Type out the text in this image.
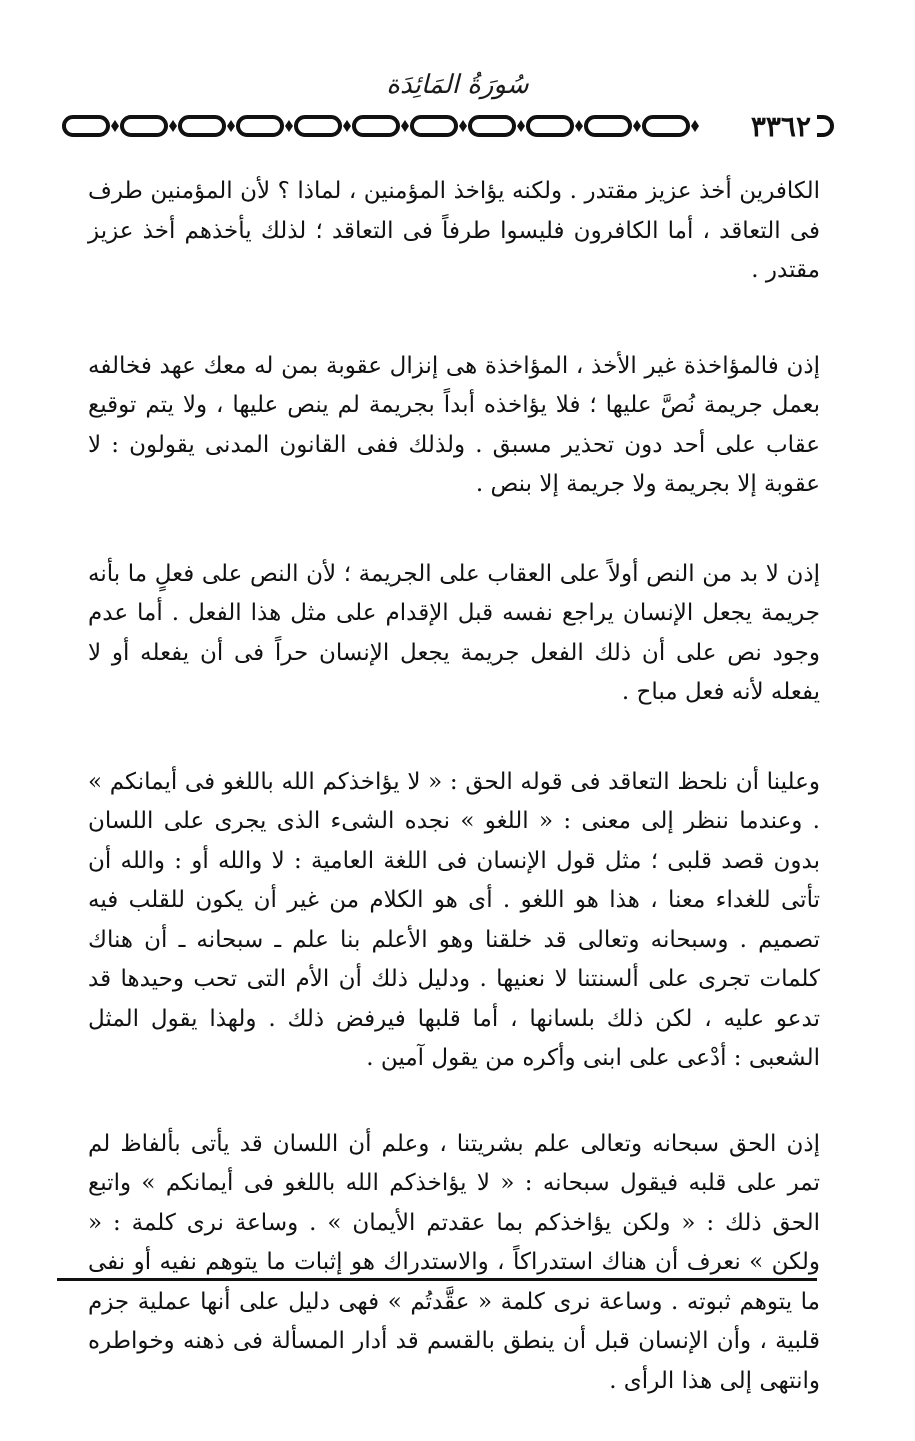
سُورَةُ المَائِدَة
٣٣٦٢

الكافرين أخذ عزيز مقتدر . ولكنه يؤاخذ المؤمنين ، لماذا ؟ لأن المؤمنين طرف فى التعاقد ، أما الكافرون فليسوا طرفاً فى التعاقد ؛ لذلك يأخذهم أخذ عزيز مقتدر .

إذن فالمؤاخذة غير الأخذ ، المؤاخذة هى إنزال عقوبة بمن له معك عهد فخالفه بعمل جريمة نُصَّ عليها ؛ فلا يؤاخذه أبداً بجريمة لم ينص عليها ، ولا يتم توقيع عقاب على أحد دون تحذير مسبق . ولذلك ففى القانون المدنى يقولون : لا عقوبة إلا بجريمة ولا جريمة إلا بنص .

إذن لا بد من النص أولاً على العقاب على الجريمة ؛ لأن النص على فعلٍ ما بأنه جريمة يجعل الإنسان يراجع نفسه قبل الإقدام على مثل هذا الفعل . أما عدم وجود نص على أن ذلك الفعل جريمة يجعل الإنسان حراً فى أن يفعله أو لا يفعله لأنه فعل مباح .

وعلينا أن نلحظ التعاقد فى قوله الحق : « لا يؤاخذكم الله باللغو فى أيمانكم » . وعندما ننظر إلى معنى : « اللغو » نجده الشىء الذى يجرى على اللسان بدون قصد قلبى ؛ مثل قول الإنسان فى اللغة العامية : لا والله أو : والله أن تأتى للغداء معنا ، هذا هو اللغو . أى هو الكلام من غير أن يكون للقلب فيه تصميم . وسبحانه وتعالى قد خلقنا وهو الأعلم بنا علم ـ سبحانه ـ أن هناك كلمات تجرى على ألسنتنا لا نعنيها . ودليل ذلك أن الأم التى تحب وحيدها قد تدعو عليه ، لكن ذلك بلسانها ، أما قلبها فيرفض ذلك . ولهذا يقول المثل الشعبى : أدْعى على ابنى وأكره من يقول آمين .

إذن الحق سبحانه وتعالى علم بشريتنا ، وعلم أن اللسان قد يأتى بألفاظ لم تمر على قلبه فيقول سبحانه : « لا يؤاخذكم الله باللغو فى أيمانكم » واتبع الحق ذلك : « ولكن يؤاخذكم بما عقدتم الأيمان » . وساعة نرى كلمة : « ولكن » نعرف أن هناك استدراكاً ، والاستدراك هو إثبات ما يتوهم نفيه أو نفى ما يتوهم ثبوته . وساعة نرى كلمة « عقَّدتُم » فهى دليل على أنها عملية جزم قلبية ، وأن الإنسان قبل أن ينطق بالقسم قد أدار المسألة فى ذهنه وخواطره وانتهى إلى هذا الرأى .
